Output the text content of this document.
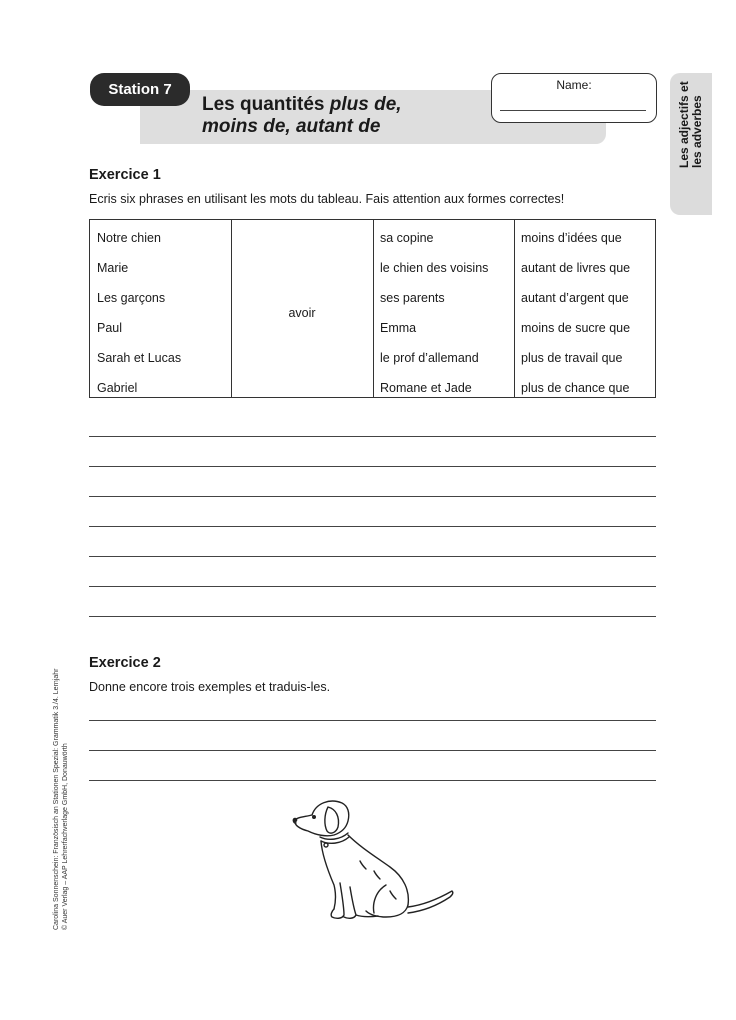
Station 7
Les quantités plus de,
moins de, autant de
Name:	Les adjectifs et les adverbes
Exercice 1
Ecris six phrases en utilisant les mots du tableau. Fais attention aux formes correctes!
Notre chien
Marie
Les garçons
Paul
Sarah et Lucas
Gabriel
avoir
sa copine
le chien des voisins
ses parents
Emma
le prof d’allemand
Romane et Jade
moins d’idées que
autant de livres que
autant d’argent que
moins de sucre que
plus de travail que
plus de chance que
Exercice 2
Donne encore trois exemples et traduis-les.
Carolina Sonnenschein: Französisch an Stationen Spezial: Grammatik 3./4. Lernjahr © Auer Verlag – AAP Lehrerfachverlage GmbH, Donauwörth
